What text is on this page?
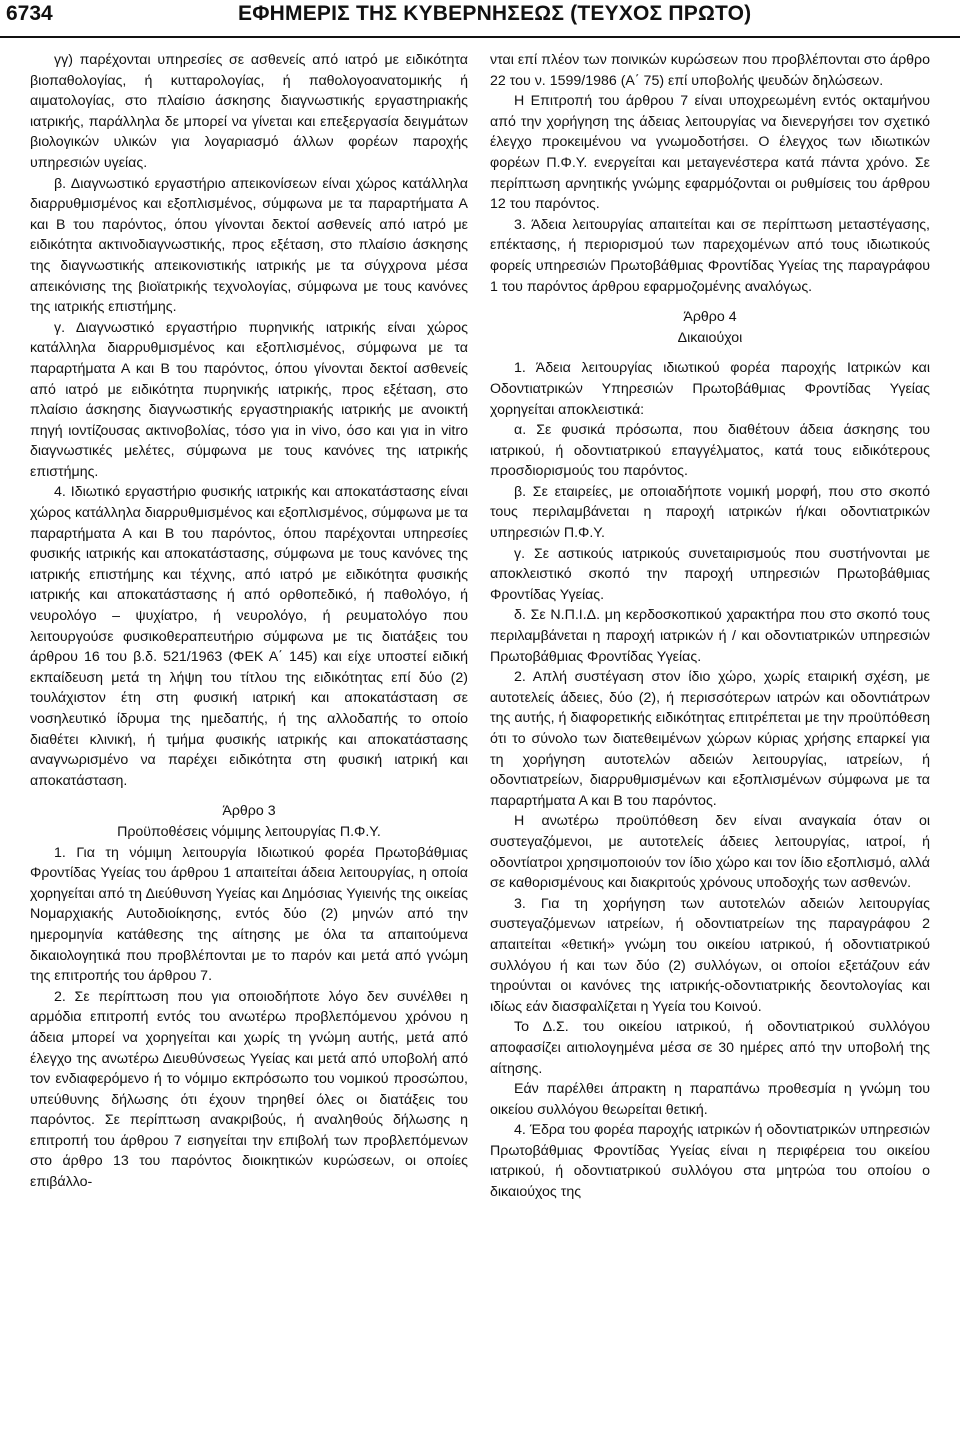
6734	ΕΦΗΜΕΡΙΣ ΤΗΣ ΚΥΒΕΡΝΗΣΕΩΣ (ΤΕΥΧΟΣ ΠΡΩΤΟ)

γγ) παρέχονται υπηρεσίες σε ασθενείς από ιατρό με ειδικότητα βιοπαθολογίας, ή κυτταρολογίας, ή παθολογοανατομικής ή αιματολογίας, στο πλαίσιο άσκησης διαγνωστικής εργαστηριακής ιατρικής, παράλληλα δε μπορεί να γίνεται και επεξεργασία δειγμάτων βιολογικών υλικών για λογαριασμό άλλων φορέων παροχής υπηρεσιών υγείας.

β. Διαγνωστικό εργαστήριο απεικονίσεων είναι χώρος κατάλληλα διαρρυθμισμένος και εξοπλισμένος, σύμφωνα με τα παραρτήματα Α και Β του παρόντος, όπου γίνονται δεκτοί ασθενείς από ιατρό με ειδικότητα ακτινοδιαγνωστικής, προς εξέταση, στο πλαίσιο άσκησης της διαγνωστικής απεικονιστικής ιατρικής με τα σύγχρονα μέσα απεικόνισης της βιοϊατρικής τεχνολογίας, σύμφωνα με τους κανόνες της ιατρικής επιστήμης.

γ. Διαγνωστικό εργαστήριο πυρηνικής ιατρικής είναι χώρος κατάλληλα διαρρυθμισμένος και εξοπλισμένος, σύμφωνα με τα παραρτήματα Α και Β του παρόντος, όπου γίνονται δεκτοί ασθενείς από ιατρό με ειδικότητα πυρηνικής ιατρικής, προς εξέταση, στο πλαίσιο άσκησης διαγνωστικής εργαστηριακής ιατρικής με ανοικτή πηγή ιοντίζουσας ακτινοβολίας, τόσο για in vivo, όσο και για in vitro διαγνωστικές μελέτες, σύμφωνα με τους κανόνες της ιατρικής επιστήμης.

4. Ιδιωτικό εργαστήριο φυσικής ιατρικής και αποκατάστασης είναι χώρος κατάλληλα διαρρυθμισμένος και εξοπλισμένος, σύμφωνα με τα παραρτήματα Α και Β του παρόντος, όπου παρέχονται υπηρεσίες φυσικής ιατρικής και αποκατάστασης, σύμφωνα με τους κανόνες της ιατρικής επιστήμης και τέχνης, από ιατρό με ειδικότητα φυσικής ιατρικής και αποκατάστασης ή από ορθοπεδικό, ή παθολόγο, ή νευρολόγο – ψυχίατρο, ή νευρολόγο, ή ρευματολόγο που λειτουργούσε φυσικοθεραπευτήριο σύμφωνα με τις διατάξεις του άρθρου 16 του β.δ. 521/1963 (ΦΕΚ Α΄ 145) και είχε υποστεί ειδική εκπαίδευση μετά τη λήψη του τίτλου της ειδικότητας επί δύο (2) τουλάχιστον έτη στη φυσική ιατρική και αποκατάσταση σε νοσηλευτικό ίδρυμα της ημεδαπής, ή της αλλοδαπής το οποίο διαθέτει κλινική, ή τμήμα φυσικής ιατρικής και αποκατάστασης αναγνωρισμένο να παρέχει ειδικότητα στη φυσική ιατρική και αποκατάσταση.

Άρθρο 3

Προϋποθέσεις νόμιμης λειτουργίας Π.Φ.Υ.

1. Για τη νόμιμη λειτουργία Ιδιωτικού φορέα Πρωτοβάθμιας Φροντίδας Υγείας του άρθρου 1 απαιτείται άδεια λειτουργίας, η οποία χορηγείται από τη Διεύθυνση Υγείας και Δημόσιας Υγιεινής της οικείας Νομαρχιακής Αυτοδιοίκησης, εντός δύο (2) μηνών από την ημερομηνία κατάθεσης της αίτησης με όλα τα απαιτούμενα δικαιολογητικά που προβλέπονται με το παρόν και μετά από γνώμη της επιτροπής του άρθρου 7.

2. Σε περίπτωση που για οποιοδήποτε λόγο δεν συνέλθει η αρμόδια επιτροπή εντός του ανωτέρω προβλεπόμενου χρόνου η άδεια μπορεί να χορηγείται και χωρίς τη γνώμη αυτής, μετά από έλεγχο της ανωτέρω Διευθύνσεως Υγείας και μετά από υποβολή από τον ενδιαφερόμενο ή το νόμιμο εκπρόσωπο του νομικού προσώπου, υπεύθυνης δήλωσης ότι έχουν τηρηθεί όλες οι διατάξεις του παρόντος. Σε περίπτωση ανακριβούς, ή αναληθούς δήλωσης η επιτροπή του άρθρου 7 εισηγείται την επιβολή των προβλεπόμενων στο άρθρο 13 του παρόντος διοικητικών κυρώσεων, οι οποίες επιβάλλο-

νται επί πλέον των ποινικών κυρώσεων που προβλέπονται στο άρθρο 22 του ν. 1599/1986 (Α΄ 75) επί υποβολής ψευδών δηλώσεων.

Η Επιτροπή του άρθρου 7 είναι υποχρεωμένη εντός οκταμήνου από την χορήγηση της άδειας λειτουργίας να διενεργήσει τον σχετικό έλεγχο προκειμένου να γνωμοδοτήσει. Ο έλεγχος των ιδιωτικών φορέων Π.Φ.Υ. ενεργείται και μεταγενέστερα κατά πάντα χρόνο. Σε περίπτωση αρνητικής γνώμης εφαρμόζονται οι ρυθμίσεις του άρθρου 12 του παρόντος.

3. Άδεια λειτουργίας απαιτείται και σε περίπτωση μεταστέγασης, επέκτασης, ή περιορισμού των παρεχομένων από τους ιδιωτικούς φορείς υπηρεσιών Πρωτοβάθμιας Φροντίδας Υγείας της παραγράφου 1 του παρόντος άρθρου εφαρμοζομένης αναλόγως.

Άρθρο 4

Δικαιούχοι

1. Άδεια λειτουργίας ιδιωτικού φορέα παροχής Ιατρικών και Οδοντιατρικών Υπηρεσιών Πρωτοβάθμιας Φροντίδας Υγείας χορηγείται αποκλειστικά:

α. Σε φυσικά πρόσωπα, που διαθέτουν άδεια άσκησης του ιατρικού, ή οδοντιατρικού επαγγέλματος, κατά τους ειδικότερους προσδιορισμούς του παρόντος.

β. Σε εταιρείες, με οποιαδήποτε νομική μορφή, που στο σκοπό τους περιλαμβάνεται η παροχή ιατρικών ή/και οδοντιατρικών υπηρεσιών Π.Φ.Υ.

γ. Σε αστικούς ιατρικούς συνεταιρισμούς που συστήνονται με αποκλειστικό σκοπό την παροχή υπηρεσιών Πρωτοβάθμιας Φροντίδας Υγείας.

δ. Σε Ν.Π.Ι.Δ. μη κερδοσκοπικού χαρακτήρα που στο σκοπό τους περιλαμβάνεται η παροχή ιατρικών ή / και οδοντιατρικών υπηρεσιών Πρωτοβάθμιας Φροντίδας Υγείας.

2. Απλή συστέγαση στον ίδιο χώρο, χωρίς εταιρική σχέση, με αυτοτελείς άδειες, δύο (2), ή περισσότερων ιατρών και οδοντιάτρων της αυτής, ή διαφορετικής ειδικότητας επιτρέπεται με την προϋπόθεση ότι το σύνολο των διατεθειμένων χώρων κύριας χρήσης επαρκεί για τη χορήγηση αυτοτελών αδειών λειτουργίας, ιατρείων, ή οδοντιατρείων, διαρρυθμισμένων και εξοπλισμένων σύμφωνα με τα παραρτήματα Α και Β του παρόντος.

Η ανωτέρω προϋπόθεση δεν είναι αναγκαία όταν οι συστεγαζόμενοι, με αυτοτελείς άδειες λειτουργίας, ιατροί, ή οδοντίατροι χρησιμοποιούν τον ίδιο χώρο και τον ίδιο εξοπλισμό, αλλά σε καθορισμένους και διακριτούς χρόνους υποδοχής των ασθενών.

3. Για τη χορήγηση των αυτοτελών αδειών λειτουργίας συστεγαζόμενων ιατρείων, ή οδοντιατρείων της παραγράφου 2 απαιτείται «θετική» γνώμη του οικείου ιατρικού, ή οδοντιατρικού συλλόγου ή και των δύο (2) συλλόγων, οι οποίοι εξετάζουν εάν τηρούνται οι κανόνες της ιατρικής-οδοντιατρικής δεοντολογίας και ιδίως εάν διασφαλίζεται η Υγεία του Κοινού.

Το Δ.Σ. του οικείου ιατρικού, ή οδοντιατρικού συλλόγου αποφασίζει αιτιολογημένα μέσα σε 30 ημέρες από την υποβολή της αίτησης.

Εάν παρέλθει άπρακτη η παραπάνω προθεσμία η γνώμη του οικείου συλλόγου θεωρείται θετική.

4. Έδρα του φορέα παροχής ιατρικών ή οδοντιατρικών υπηρεσιών Πρωτοβάθμιας Φροντίδας Υγείας είναι η περιφέρεια του οικείου ιατρικού, ή οδοντιατρικού συλλόγου στα μητρώα του οποίου ο δικαιούχος της
